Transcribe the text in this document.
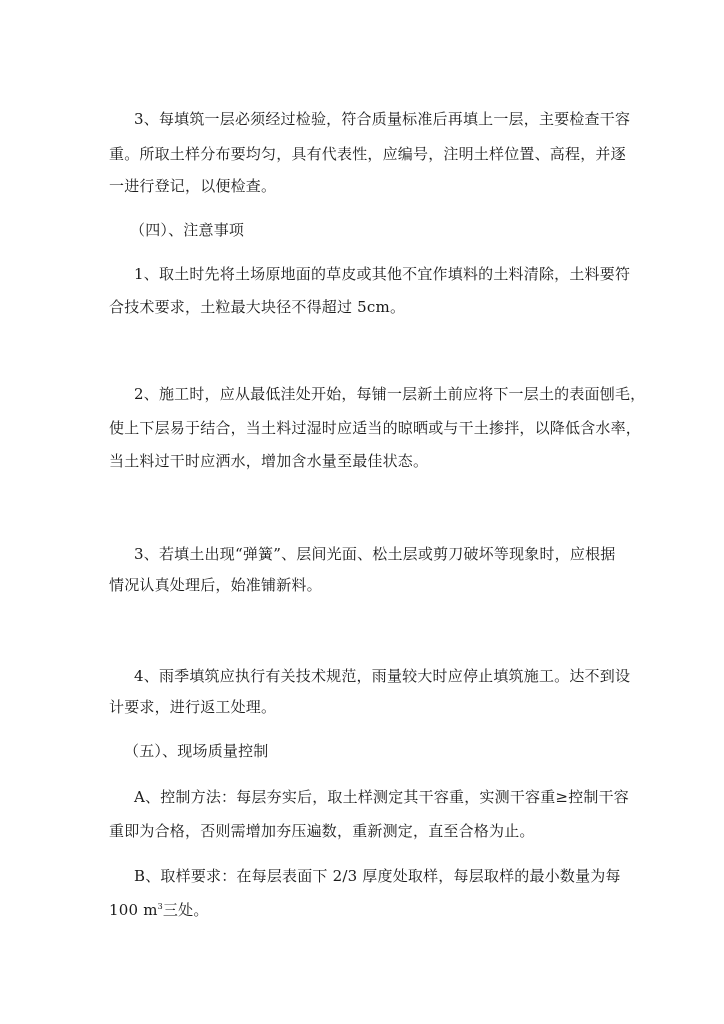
3、每填筑一层必须经过检验，符合质量标准后再填上一层，主要检查干容
重。所取土样分布要均匀，具有代表性，应编号，注明土样位置、高程，并逐
一进行登记，以便检查。
（四）、注意事项
1、取土时先将土场原地面的草皮或其他不宜作填料的土料清除，土料要符
合技术要求，土粒最大块径不得超过 5cm。
2、施工时，应从最低洼处开始，每铺一层新土前应将下一层土的表面刨毛，
使上下层易于结合，当土料过湿时应适当的晾晒或与干土掺拌，以降低含水率，
当土料过干时应洒水，增加含水量至最佳状态。
3、若填土出现“弹簧”、层间光面、松土层或剪刀破坏等现象时，应根据
情况认真处理后，始准铺新料。
4、雨季填筑应执行有关技术规范，雨量较大时应停止填筑施工。达不到设
计要求，进行返工处理。
（五）、现场质量控制
A、控制方法：每层夯实后，取土样测定其干容重，实测干容重≥控制干容
重即为合格，否则需增加夯压遍数，重新测定，直至合格为止。
B、取样要求：在每层表面下 2/3 厚度处取样，每层取样的最小数量为每
100 $m^3$三处。
